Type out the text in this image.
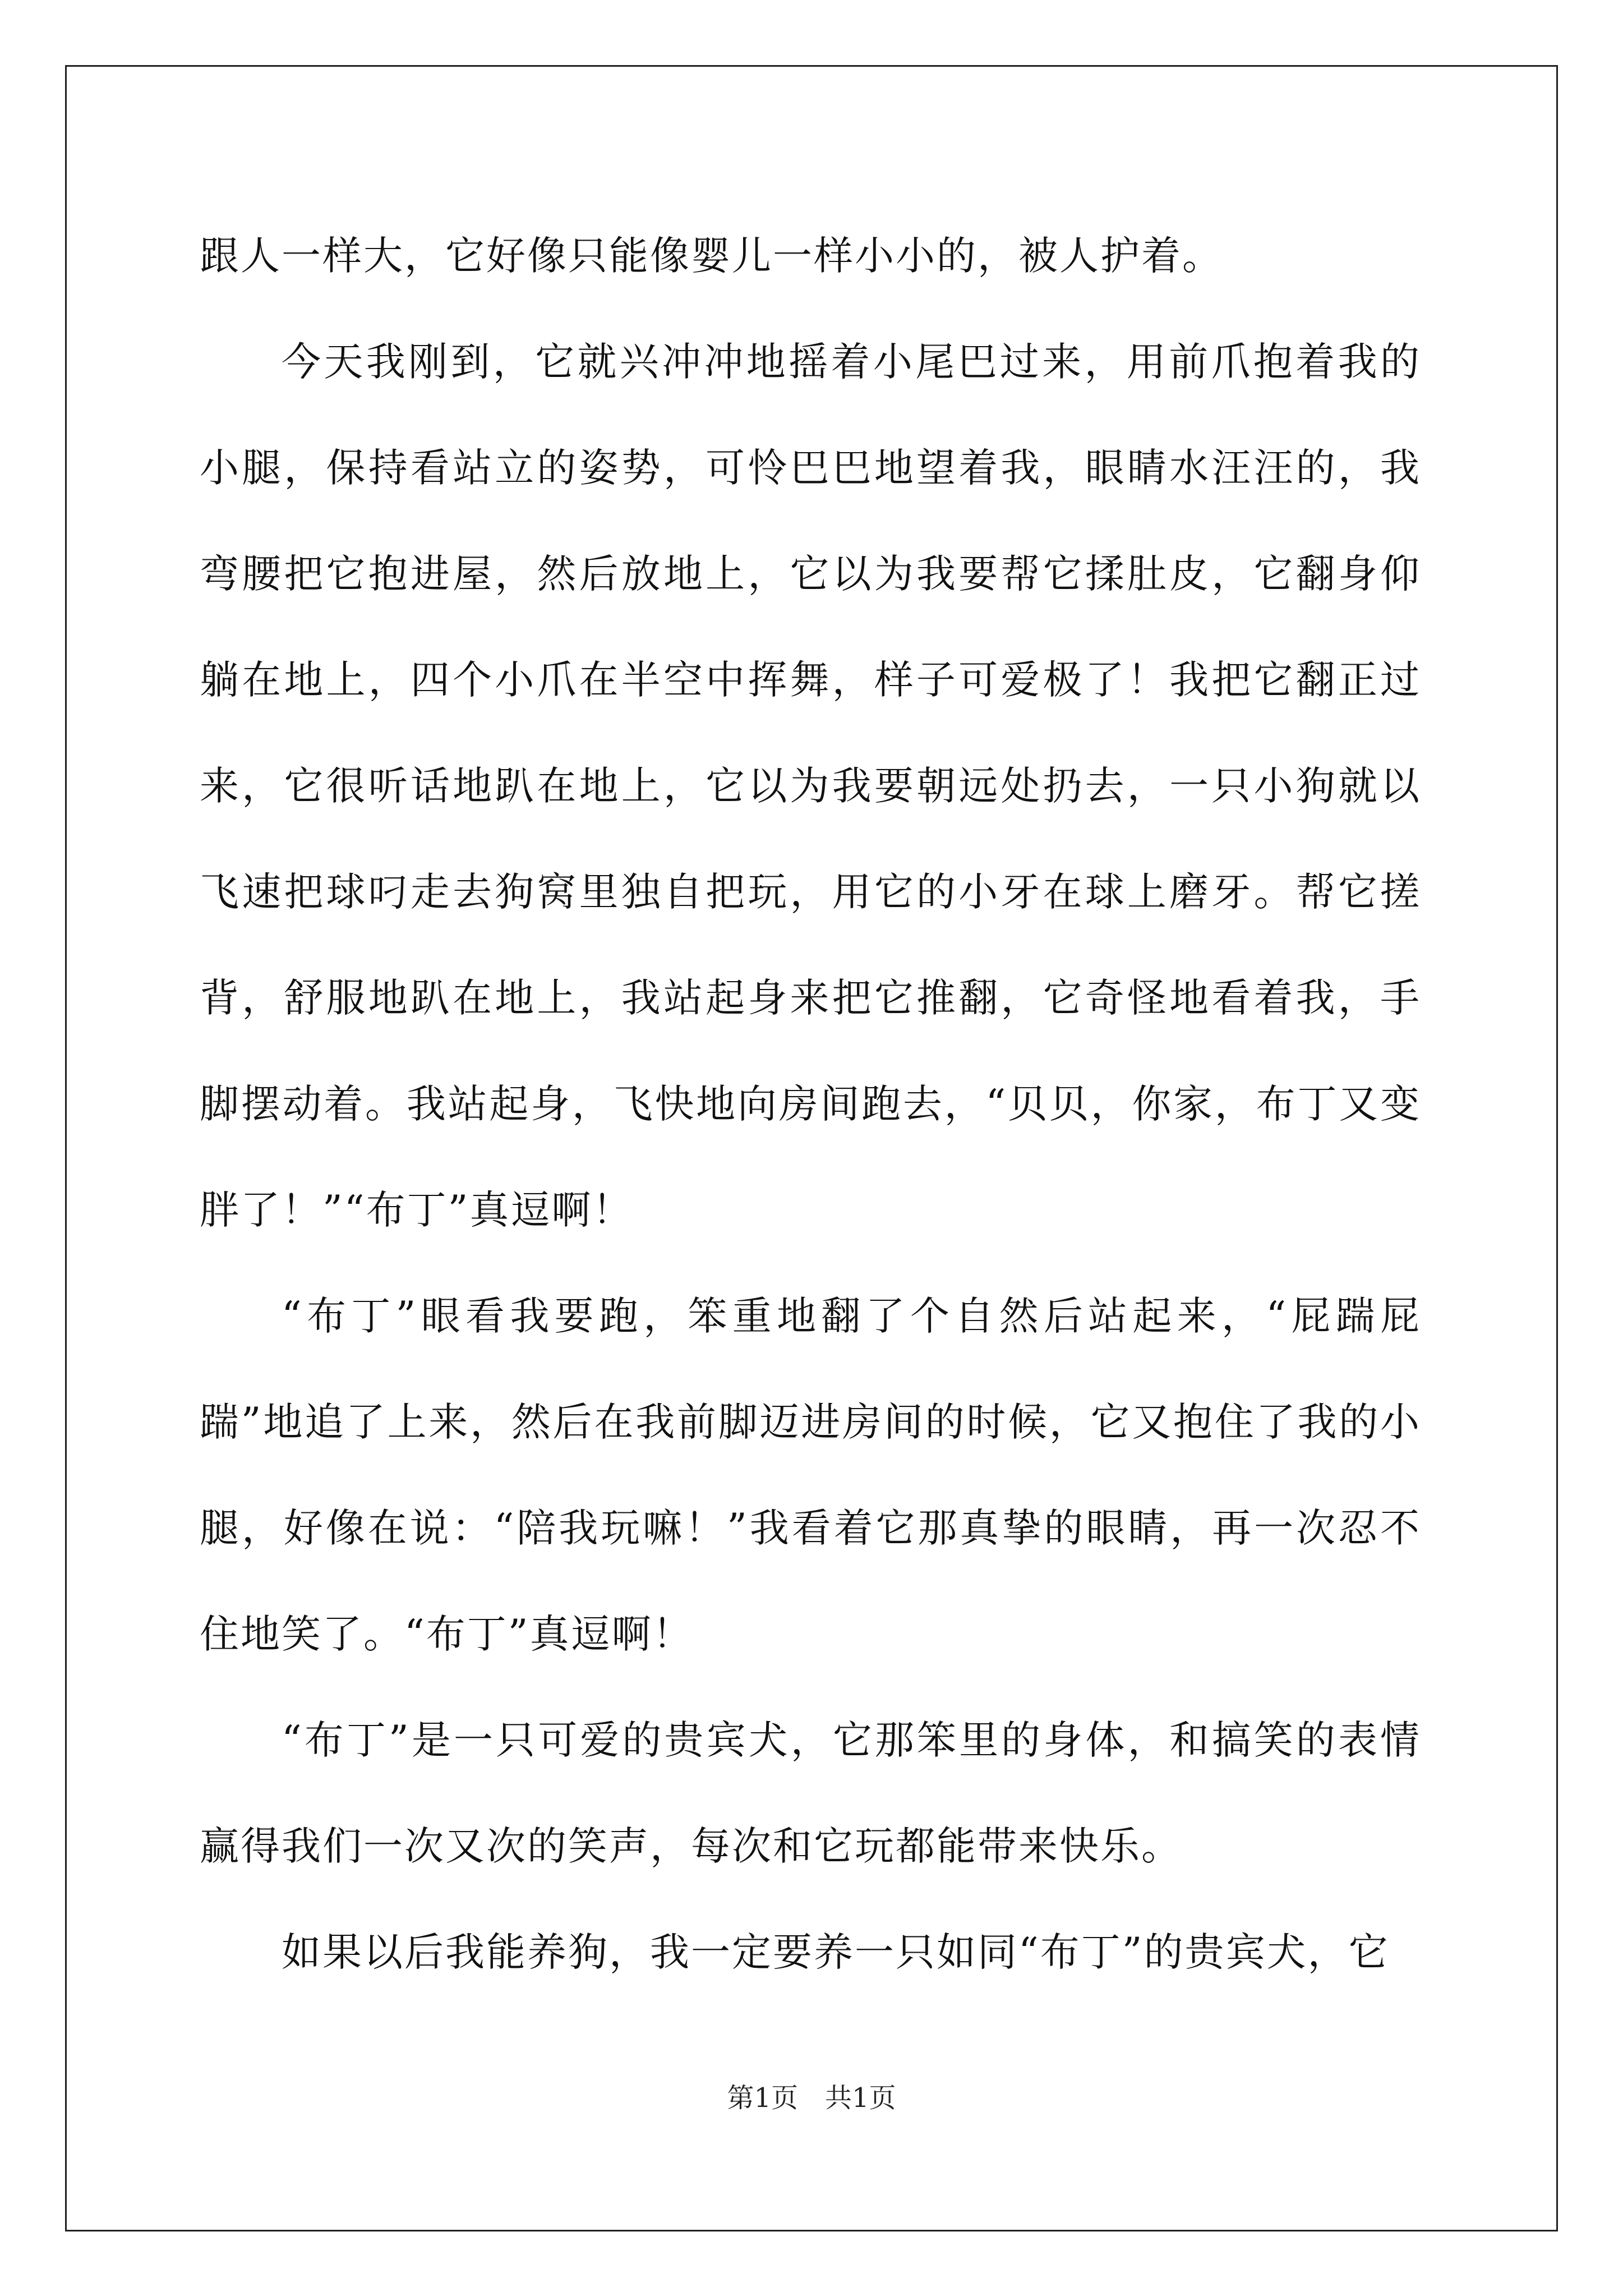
跟人一样大，它好像只能像婴儿一样小小的，被人护着。

今天我刚到，它就兴冲冲地摇着小尾巴过来，用前爪抱着我的小腿，保持看站立的姿势，可怜巴巴地望着我，眼睛水汪汪的，我弯腰把它抱进屋，然后放地上，它以为我要帮它揉肚皮，它翻身仰躺在地上，四个小爪在半空中挥舞，样子可爱极了！我把它翻正过来，它很听话地趴在地上，它以为我要朝远处扔去，一只小狗就以飞速把球叼走去狗窝里独自把玩，用它的小牙在球上磨牙。帮它搓背，舒服地趴在地上，我站起身来把它推翻，它奇怪地看着我，手脚摆动着。我站起身，飞快地向房间跑去，“贝贝，你家，布丁又变胖了！”“布丁”真逗啊！

“布丁”眼看我要跑，笨重地翻了个自然后站起来，“屁踹屁踹”地追了上来，然后在我前脚迈进房间的时候，它又抱住了我的小腿，好像在说：“陪我玩嘛！”我看着它那真挚的眼睛，再一次忍不住地笑了。“布丁”真逗啊！

“布丁”是一只可爱的贵宾犬，它那笨里的身体，和搞笑的表情赢得我们一次又次的笑声，每次和它玩都能带来快乐。

如果以后我能养狗，我一定要养一只如同“布丁”的贵宾犬，它

第1页　共1页
